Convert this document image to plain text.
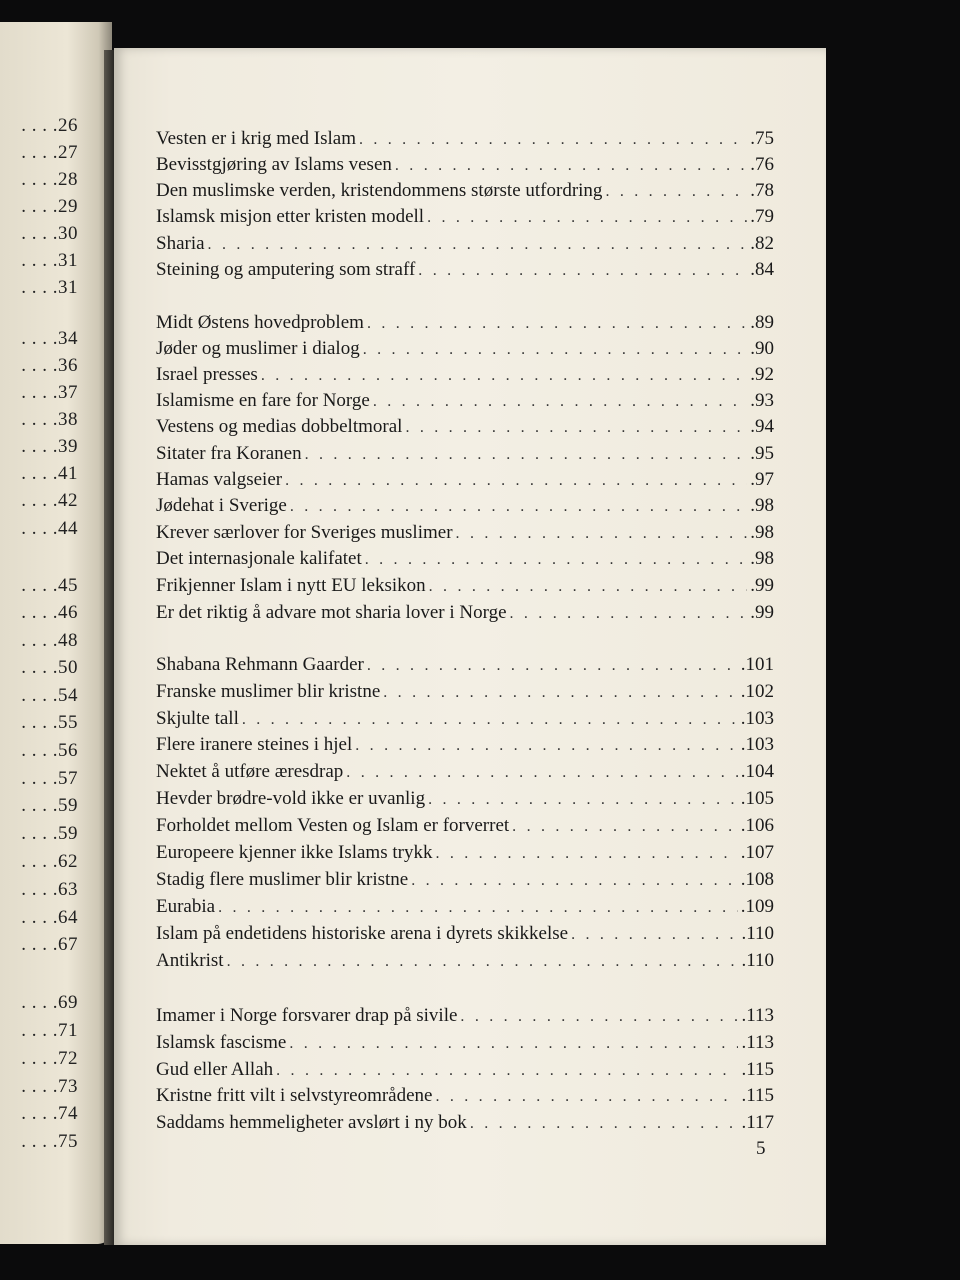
. . . .26
. . . .27
. . . .28
. . . .29
. . . .30
. . . .31
. . . .31
. . . .34
. . . .36
. . . .37
. . . .38
. . . .39
. . . .41
. . . .42
. . . .44
. . . .45
. . . .46
. . . .48
. . . .50
. . . .54
. . . .55
. . . .56
. . . .57
. . . .59
. . . .59
. . . .62
. . . .63
. . . .64
. . . .67
. . . .69
. . . .71
. . . .72
. . . .73
. . . .74
. . . .75
Vesten er i krig med Islam . . .	.75
Bevisstgjøring av Islams vesen . . .	.76
Den muslimske verden, kristendommens største utfordring . . .	.78
Islamsk misjon etter kristen modell . . .	.79
Sharia . . .	.82
Steining og amputering som straff . . .	.84
Midt Østens hovedproblem . . .	.89
Jøder og muslimer i dialog . . .	.90
Israel presses . . .	.92
Islamisme en fare for Norge . . .	.93
Vestens og medias dobbeltmoral . . .	.94
Sitater fra Koranen . . .	.95
Hamas valgseier . . .	.97
Jødehat i Sverige . . .	.98
Krever særlover for Sveriges muslimer . . .	.98
Det internasjonale kalifatet . . .	.98
Frikjenner Islam i nytt EU leksikon . . .	.99
Er det riktig å advare mot sharia lover i Norge . . .	.99
Shabana Rehmann Gaarder . . .	.101
Franske muslimer blir kristne . . .	.102
Skjulte tall . . .	.103
Flere iranere steines i hjel . . .	.103
Nektet å utføre æresdrap . . .	.104
Hevder brødre-vold ikke er uvanlig . . .	.105
Forholdet mellom Vesten og Islam er forverret . . .	.106
Europeere kjenner ikke Islams trykk . . .	.107
Stadig flere muslimer blir kristne . . .	.108
Eurabia . . .	.109
Islam på endetidens historiske arena i dyrets skikkelse . . .	.110
Antikrist . . .	.110
Imamer i Norge forsvarer drap på sivile . . .	.113
Islamsk fascisme . . .	.113
Gud eller Allah . . .	.115
Kristne fritt vilt i selvstyreområdene . . .	.115
Saddams hemmeligheter avslørt i ny bok . . .	.117
5
